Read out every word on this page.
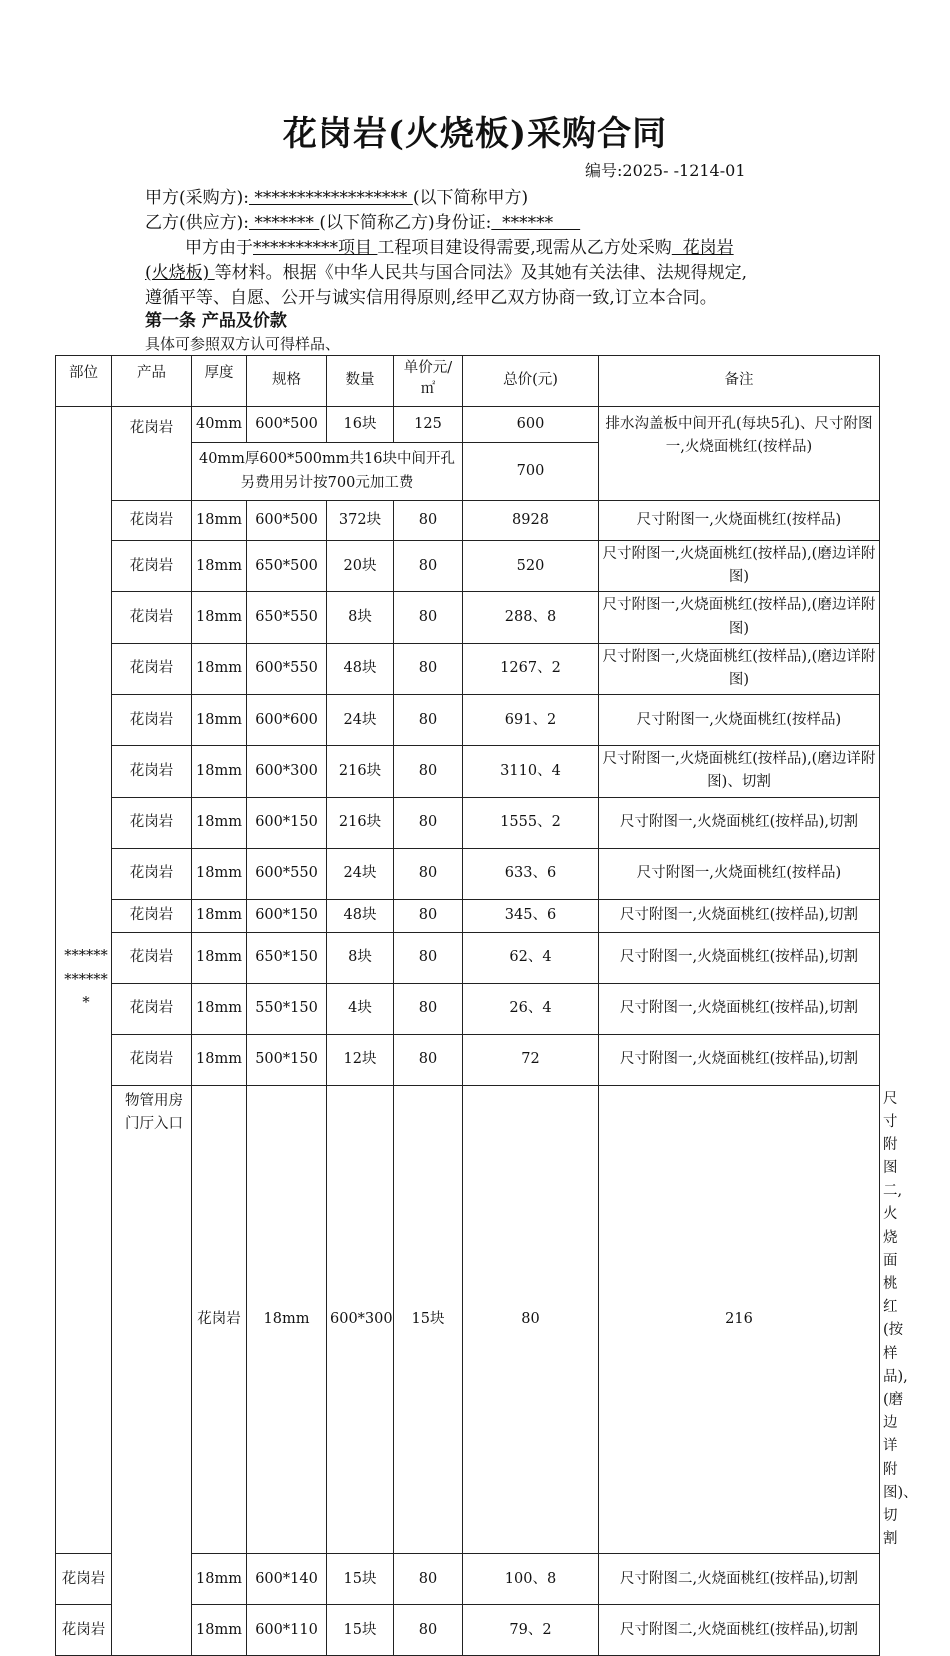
花岗岩(火烧板)采购合同
编号:2025- -1214-01
甲方(采购方): ****************** (以下简称甲方)
乙方(供应方): ******* (以下简称乙方)身份证:  ******
甲方由于**********项目 工程项目建设得需要,现需从乙方处采购  花岗岩
(火烧板) 等材料。根据《中华人民共与国合同法》及其她有关法律、法规得规定,
遵循平等、自愿、公开与诚实信用得原则,经甲乙双方协商一致,订立本合同。
第一条 产品及价款
具体可参照双方认可得样品、
部位	产品	厚度	规格	数量	单价元/㎡	总价(元)	备注	
*************	花岗岩	40mm	600*500	16块	125	600	排水沟盖板中间开孔(每块5孔)、尺寸附图一,火烧面桃红(按样品)	
		40mm厚600*500mm共16块中间开孔另费用另计按700元加工费				700		
	花岗岩	18mm	600*500	372块	80	8928	尺寸附图一,火烧面桃红(按样品)	
	花岗岩	18mm	650*500	20块	80	520	尺寸附图一,火烧面桃红(按样品),(磨边详附图)	
	花岗岩	18mm	650*550	8块	80	288、8	尺寸附图一,火烧面桃红(按样品),(磨边详附图)	
	花岗岩	18mm	600*550	48块	80	1267、2	尺寸附图一,火烧面桃红(按样品),(磨边详附图)	
	花岗岩	18mm	600*600	24块	80	691、2	尺寸附图一,火烧面桃红(按样品)	
	花岗岩	18mm	600*300	216块	80	3110、4	尺寸附图一,火烧面桃红(按样品),(磨边详附图)、切割	
	花岗岩	18mm	600*150	216块	80	1555、2	尺寸附图一,火烧面桃红(按样品),切割	
	花岗岩	18mm	600*550	24块	80	633、6	尺寸附图一,火烧面桃红(按样品)	
	花岗岩	18mm	600*150	48块	80	345、6	尺寸附图一,火烧面桃红(按样品),切割	
	花岗岩	18mm	650*150	8块	80	62、4	尺寸附图一,火烧面桃红(按样品),切割	
	花岗岩	18mm	550*150	4块	80	26、4	尺寸附图一,火烧面桃红(按样品),切割	
	花岗岩	18mm	500*150	12块	80	72	尺寸附图一,火烧面桃红(按样品),切割	
	物管用房门厅入口	花岗岩	18mm	600*300	15块	80	216	尺寸附图二,火烧面桃红(按样品),(磨边详附图)、切割
花岗岩		18mm	600*140	15块	80	100、8	尺寸附图二,火烧面桃红(按样品),切割	
花岗岩		18mm	600*110	15块	80	79、2	尺寸附图二,火烧面桃红(按样品),切割	
